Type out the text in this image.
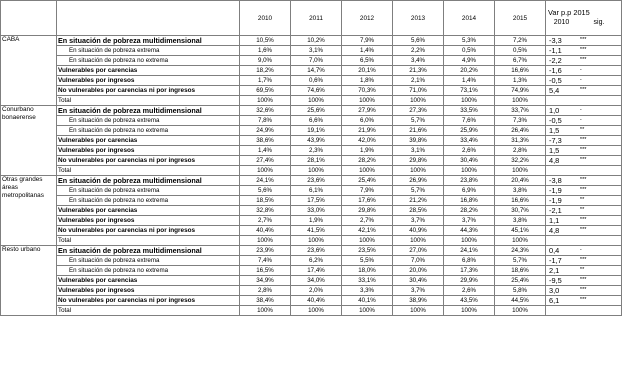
		2010	2011	2012	2013	2014	2015	Var p.p 2015
2010 sig.	

CABA	En situación de pobreza multidimensional	10,5%	10,2%	7,9%	5,6%	5,3%	7,2%	-3,3	***
	En situación de pobreza extrema	1,6%	3,1%	1,4%	2,2%	0,5%	0,5%	-1,1	***
	En situación de pobreza no extrema	9,0%	7,0%	6,5%	3,4%	4,9%	6,7%	-2,2	***
	Vulnerables por carencias	18,2%	14,7%	20,1%	21,3%	20,2%	16,6%	-1,6	-
	Vulnerables por ingresos	1,7%	0,6%	1,8%	2,1%	1,4%	1,3%	-0,5	-
	No vulnerables por carencias ni por ingresos	69,5%	74,6%	70,3%	71,0%	73,1%	74,9%	5,4	***
	Total	100%	100%	100%	100%	100%	100%		
Conurbano bonaerense	En situación de pobreza multidimensional	32,6%	25,6%	27,9%	27,3%	33,5%	33,7%	1,0	-
	En situación de pobreza extrema	7,8%	6,6%	6,0%	5,7%	7,6%	7,3%	-0,5	-
	En situación de pobreza no extrema	24,9%	19,1%	21,9%	21,6%	25,9%	26,4%	1,5	**
	Vulnerables por carencias	38,6%	43,9%	42,0%	39,8%	33,4%	31,3%	-7,3	***
	Vulnerables por ingresos	1,4%	2,3%	1,9%	3,1%	2,6%	2,8%	1,5	***
	No vulnerables por carencias ni por ingresos	27,4%	28,1%	28,2%	29,8%	30,4%	32,2%	4,8	***
	Total	100%	100%	100%	100%	100%	100%		
Otras grandes áreas metropolitanas	En situación de pobreza multidimensional	24,1%	23,6%	25,4%	26,9%	23,8%	20,4%	-3,8	***
	En situación de pobreza extrema	5,6%	6,1%	7,9%	5,7%	6,9%	3,8%	-1,9	***
	En situación de pobreza no extrema	18,5%	17,5%	17,6%	21,2%	16,8%	16,6%	-1,9	**
	Vulnerables por carencias	32,8%	33,0%	29,8%	28,5%	28,2%	30,7%	-2,1	**
	Vulnerables por ingresos	2,7%	1,9%	2,7%	3,7%	3,7%	3,8%	1,1	***
	No vulnerables por carencias ni por ingresos	40,4%	41,5%	42,1%	40,9%	44,3%	45,1%	4,8	***
	Total	100%	100%	100%	100%	100%	100%		
Resto urbano	En situación de pobreza multidimensional	23,9%	23,6%	23,5%	27,0%	24,1%	24,3%	0,4	-
	En situación de pobreza extrema	7,4%	6,2%	5,5%	7,0%	6,8%	5,7%	-1,7	***
	En situación de pobreza no extrema	16,5%	17,4%	18,0%	20,0%	17,3%	18,6%	2,1	**
	Vulnerables por carencias	34,9%	34,0%	33,1%	30,4%	29,9%	25,4%	-9,5	***
	Vulnerables por ingresos	2,8%	2,0%	3,3%	3,7%	2,6%	5,8%	3,0	***
	No vulnerables por carencias ni por ingresos	38,4%	40,4%	40,1%	38,9%	43,5%	44,5%	6,1	***
	Total	100%	100%	100%	100%	100%	100%		
